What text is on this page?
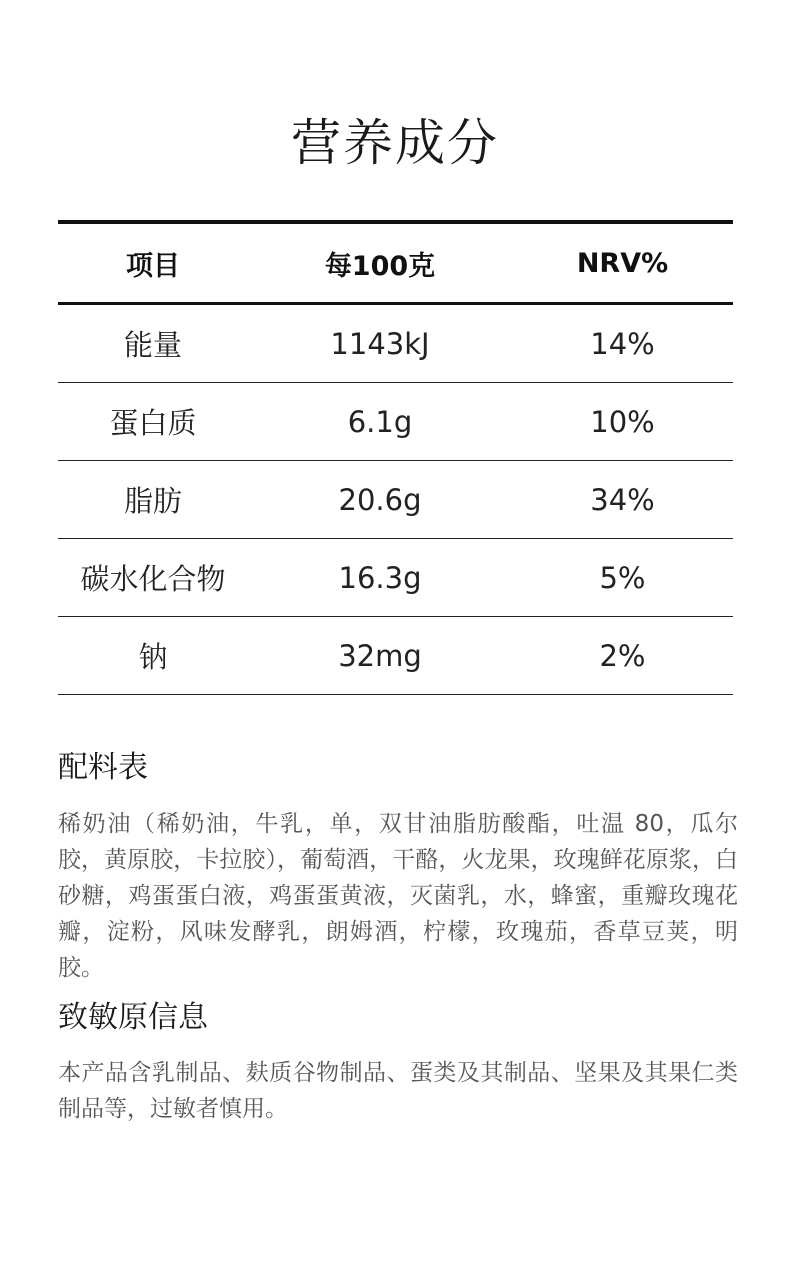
营养成分
项目	每100克	NRV%
能量	1143kJ	14%
蛋白质	6.1g	10%
脂肪	20.6g	34%
碳水化合物	16.3g	5%
钠	32mg	2%
配料表
稀奶油（稀奶油，牛乳，单，双甘油脂肪酸酯，吐温 80，瓜尔胶，黄原胶，卡拉胶），葡萄酒，干酪，火龙果，玫瑰鲜花原浆，白砂糖，鸡蛋蛋白液，鸡蛋蛋黄液，灭菌乳，水，蜂蜜，重瓣玫瑰花瓣，淀粉，风味发酵乳，朗姆酒，柠檬，玫瑰茄，香草豆荚，明胶。
致敏原信息
本产品含乳制品、麸质谷物制品、蛋类及其制品、坚果及其果仁类制品等，过敏者慎用。
